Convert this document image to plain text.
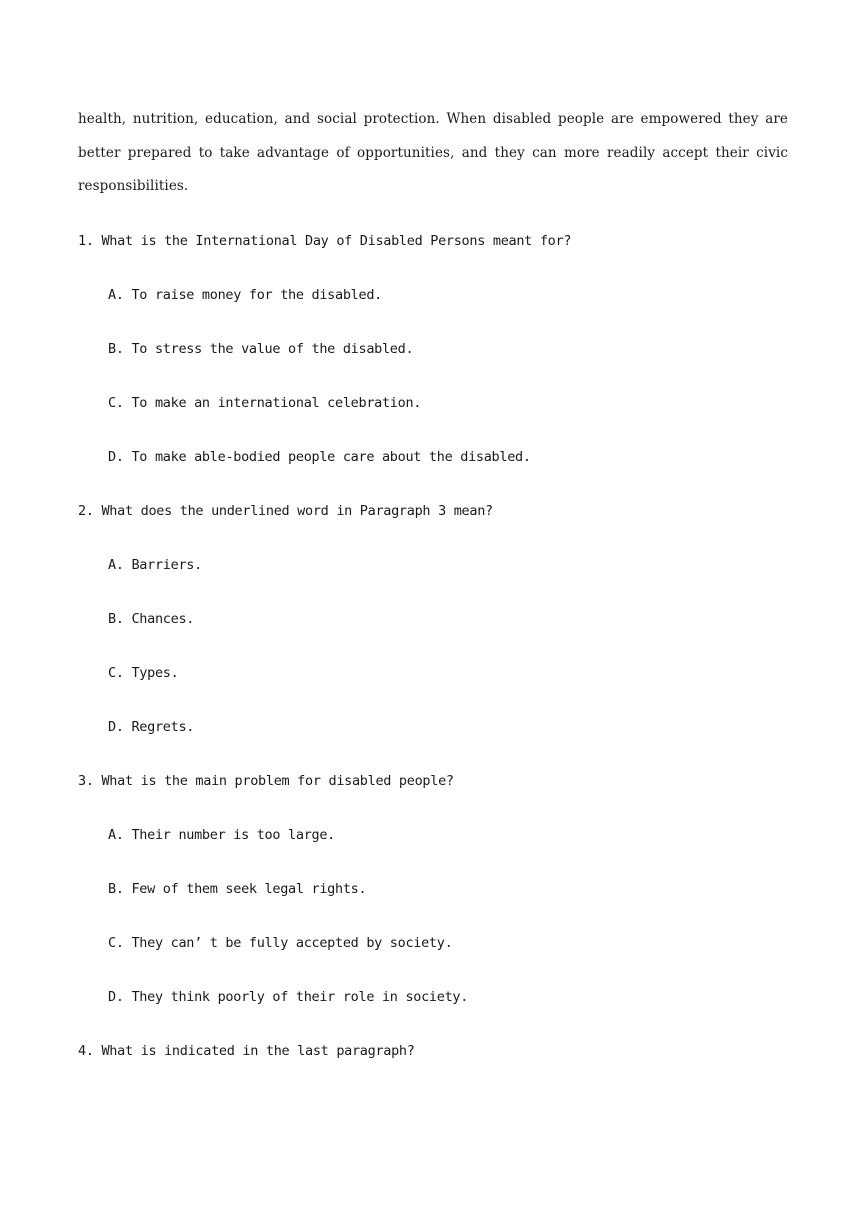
health, nutrition, education, and social protection. When disabled people are empowered they are better prepared to take advantage of opportunities, and they can more readily accept their civic responsibilities.

1. What is the International Day of Disabled Persons meant for?

A. To raise money for the disabled.

B. To stress the value of the disabled.

C. To make an international celebration.

D. To make able-bodied people care about the disabled.

2. What does the underlined word in Paragraph 3 mean?

A. Barriers.

B. Chances.

C. Types.

D. Regrets.

3. What is the main problem for disabled people?

A. Their number is too large.

B. Few of them seek legal rights.

C. They can’ t be fully accepted by society.

D. They think poorly of their role in society.

4. What is indicated in the last paragraph?
